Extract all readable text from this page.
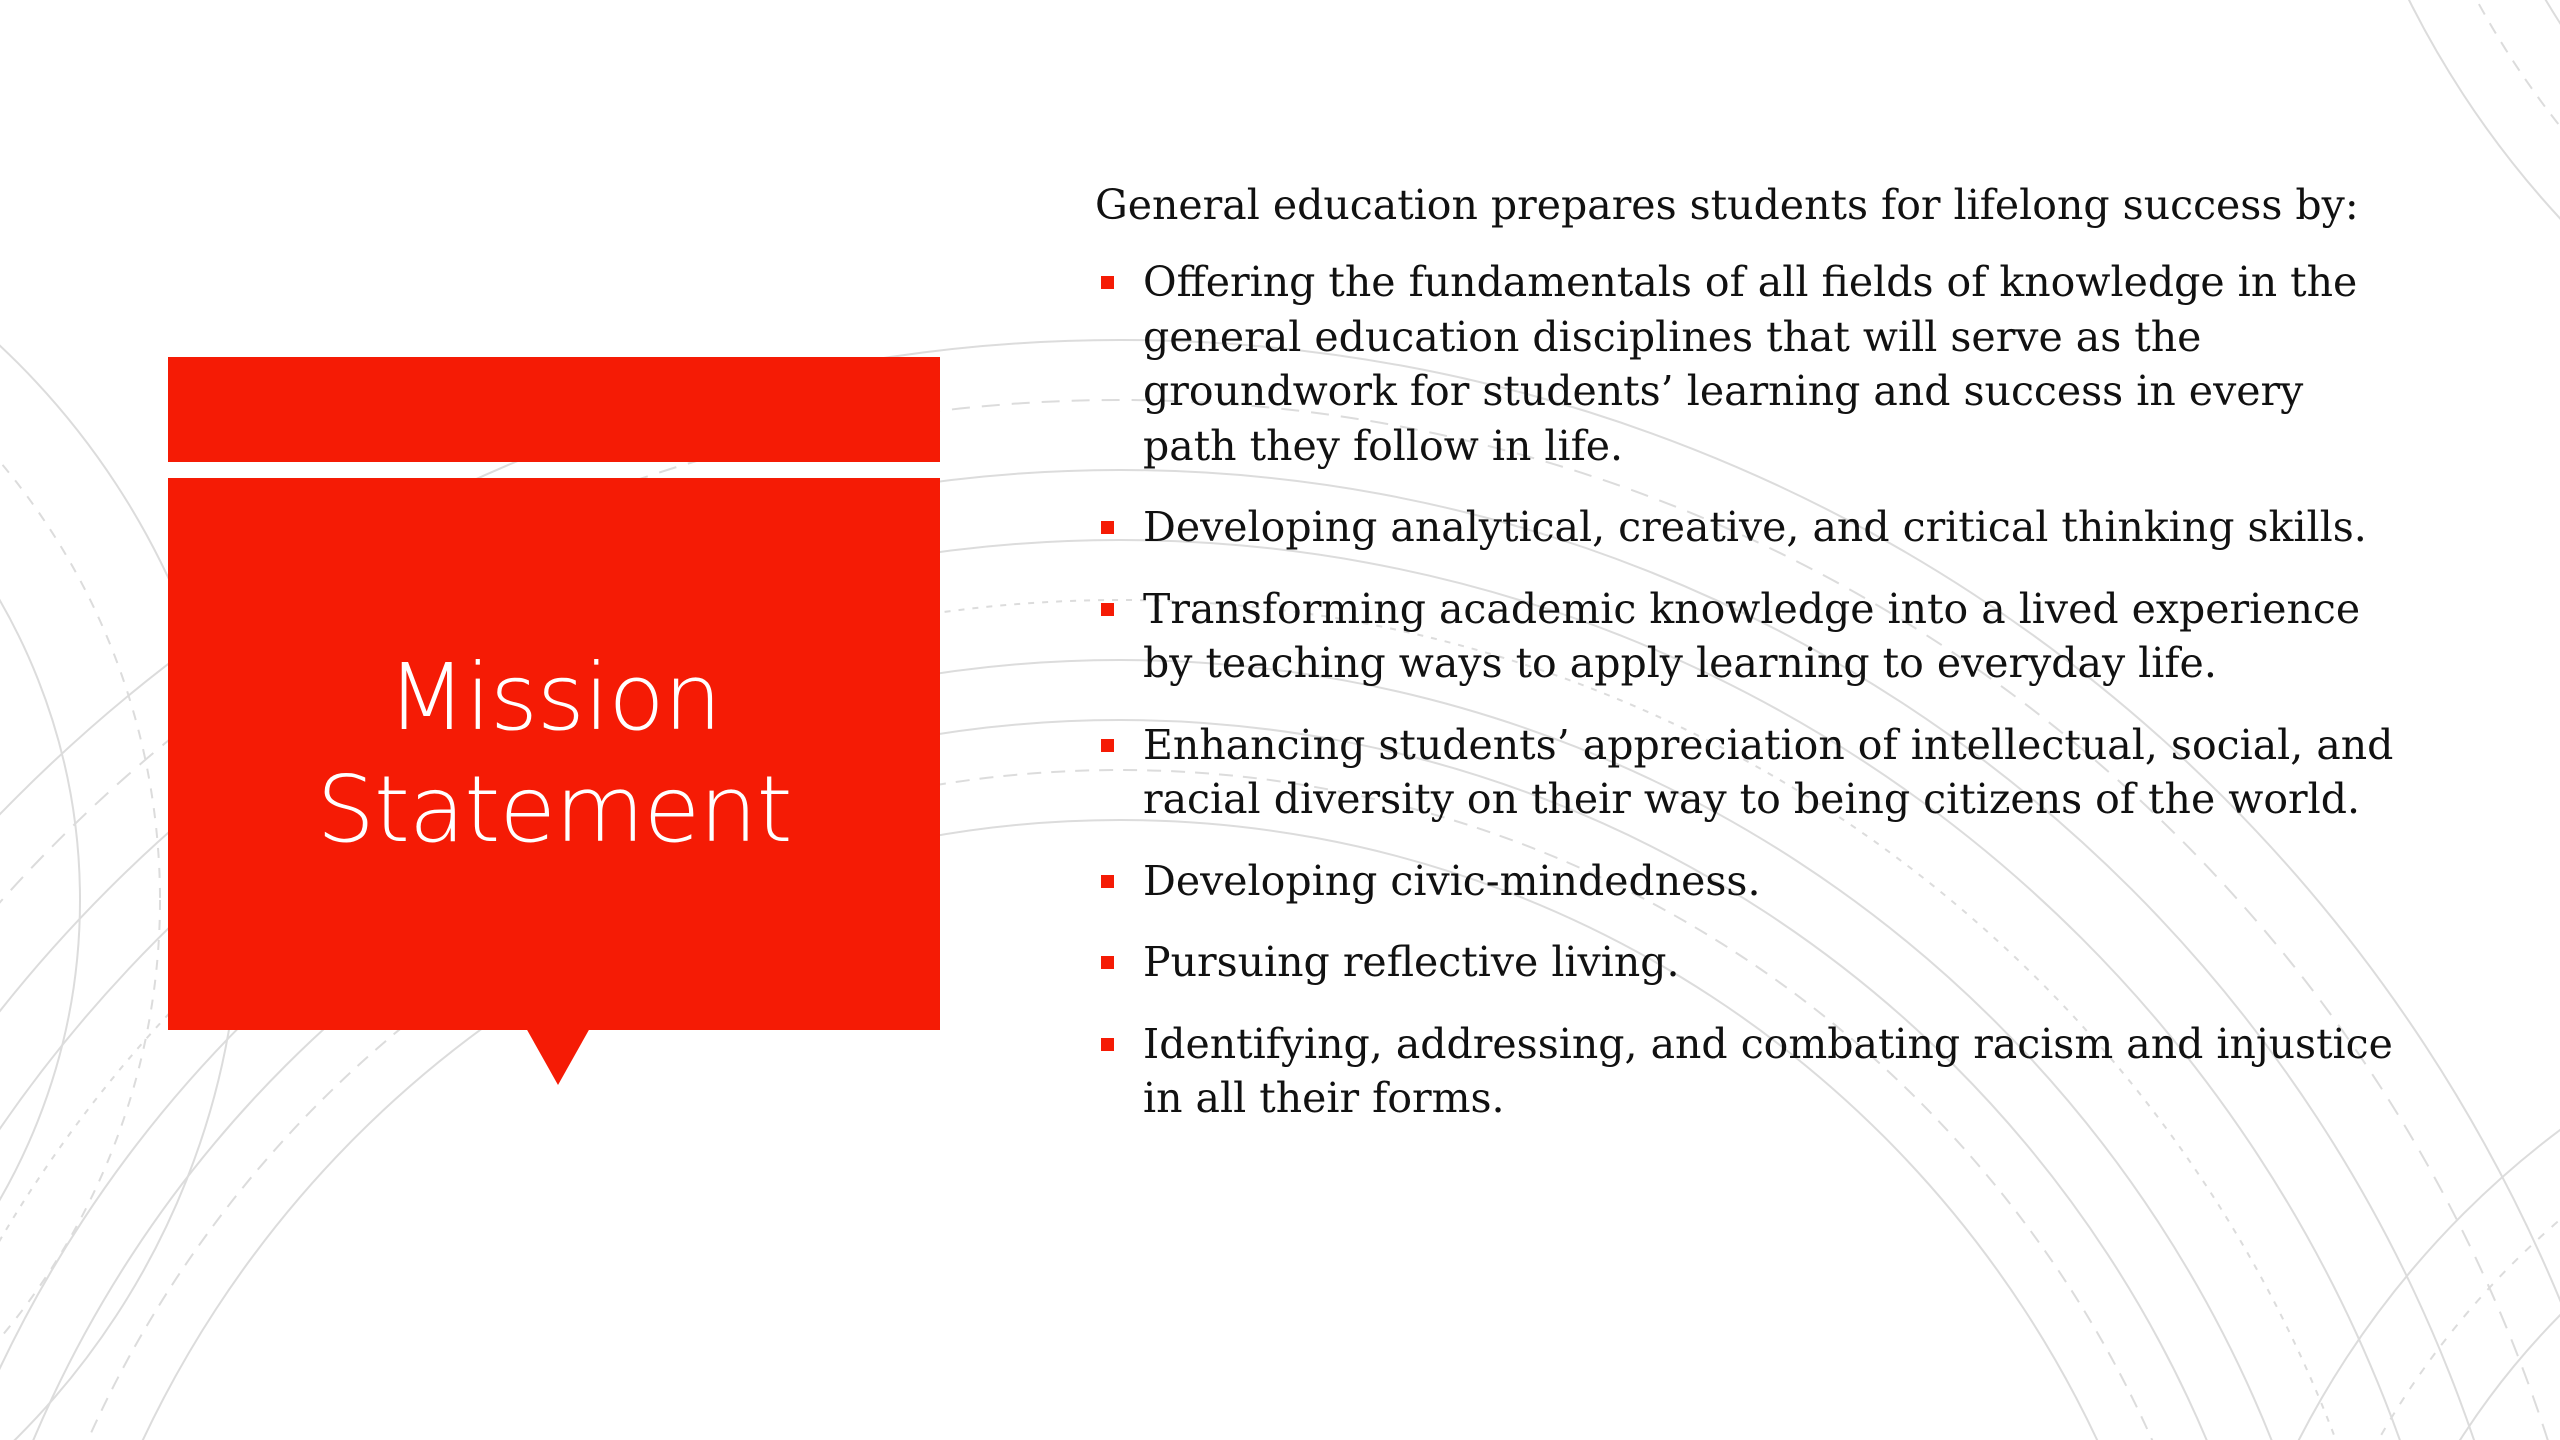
Mission
Statement

General education prepares students for lifelong success by:

Offering the fundamentals of all fields of knowledge in the general education disciplines that will serve as the groundwork for students’ learning and success in every path they follow in life.
Developing analytical, creative, and critical thinking skills.
Transforming academic knowledge into a lived experience by teaching ways to apply learning to everyday life.
Enhancing students’ appreciation of intellectual, social, and racial diversity on their way to being citizens of the world.
Developing civic-mindedness.
Pursuing reflective living.
Identifying, addressing, and combating racism and injustice in all their forms.
